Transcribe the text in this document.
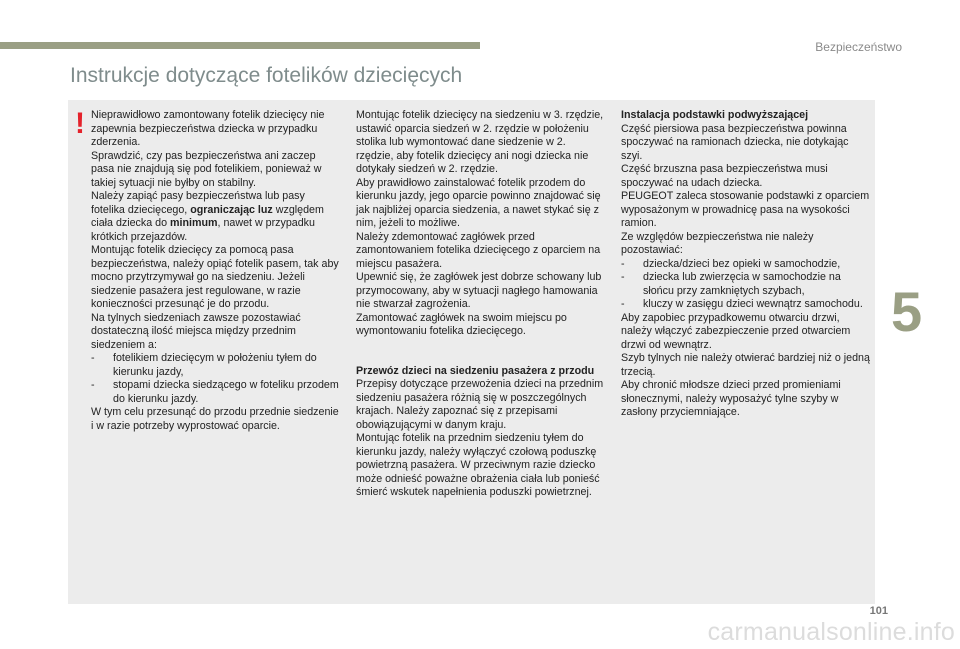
Bezpieczeństwo
Instrukcje dotyczące fotelików dziecięcych
! Nieprawidłowo zamontowany fotelik dziecięcy nie zapewnia bezpieczeństwa dziecka w przypadku zderzenia.

Sprawdzić, czy pas bezpieczeństwa ani zaczep pasa nie znajdują się pod fotelikiem, ponieważ w takiej sytuacji nie byłby on stabilny.

Należy zapiąć pasy bezpieczeństwa lub pasy fotelika dziecięcego, ograniczając luz względem ciała dziecka do minimum, nawet w przypadku krótkich przejazdów.

Montując fotelik dziecięcy za pomocą pasa bezpieczeństwa, należy opiąć fotelik pasem, tak aby mocno przytrzymywał go na siedzeniu. Jeżeli siedzenie pasażera jest regulowane, w razie konieczności przesunąć je do przodu.

Na tylnych siedzeniach zawsze pozostawiać dostateczną ilość miejsca między przednim siedzeniem a:

- fotelikiem dziecięcym w położeniu tyłem do kierunku jazdy,

- stopami dziecka siedzącego w foteliku przodem do kierunku jazdy.

W tym celu przesunąć do przodu przednie siedzenie i w razie potrzeby wyprostować oparcie.

Montując fotelik dziecięcy na siedzeniu w 3. rzędzie, ustawić oparcia siedzeń w 2. rzędzie w położeniu stolika lub wymontować dane siedzenie w 2. rzędzie, aby fotelik dziecięcy ani nogi dziecka nie dotykały siedzeń w 2. rzędzie.

Aby prawidłowo zainstalować fotelik przodem do kierunku jazdy, jego oparcie powinno znajdować się jak najbliżej oparcia siedzenia, a nawet stykać się z nim, jeżeli to możliwe.

Należy zdemontować zagłówek przed zamontowaniem fotelika dziecięcego z oparciem na miejscu pasażera.

Upewnić się, że zagłówek jest dobrze schowany lub przymocowany, aby w sytuacji nagłego hamowania nie stwarzał zagrożenia.

Zamontować zagłówek na swoim miejscu po wymontowaniu fotelika dziecięcego.

Przewóz dzieci na siedzeniu pasażera z przodu

Przepisy dotyczące przewożenia dzieci na przednim siedzeniu pasażera różnią się w poszczególnych krajach. Należy zapoznać się z przepisami obowiązującymi w danym kraju.

Montując fotelik na przednim siedzeniu tyłem do kierunku jazdy, należy wyłączyć czołową poduszkę powietrzną pasażera. W przeciwnym razie dziecko może odnieść poważne obrażenia ciała lub ponieść śmierć wskutek napełnienia poduszki powietrznej.

Instalacja podstawki podwyższającej

Część piersiowa pasa bezpieczeństwa powinna spoczywać na ramionach dziecka, nie dotykając szyi.

Część brzuszna pasa bezpieczeństwa musi spoczywać na udach dziecka.

PEUGEOT zaleca stosowanie podstawki z oparciem wyposażonym w prowadnicę pasa na wysokości ramion.

Ze względów bezpieczeństwa nie należy pozostawiać:

- dziecka/dzieci bez opieki w samochodzie,

- dziecka lub zwierzęcia w samochodzie na słońcu przy zamkniętych szybach,

- kluczy w zasięgu dzieci wewnątrz samochodu.

Aby zapobiec przypadkowemu otwarciu drzwi, należy włączyć zabezpieczenie przed otwarciem drzwi od wewnątrz.

Szyb tylnych nie należy otwierać bardziej niż o jedną trzecią.

Aby chronić młodsze dzieci przed promieniami słonecznymi, należy wyposażyć tylne szyby w zasłony przyciemniające.

5
101
carmanualsonline.info
